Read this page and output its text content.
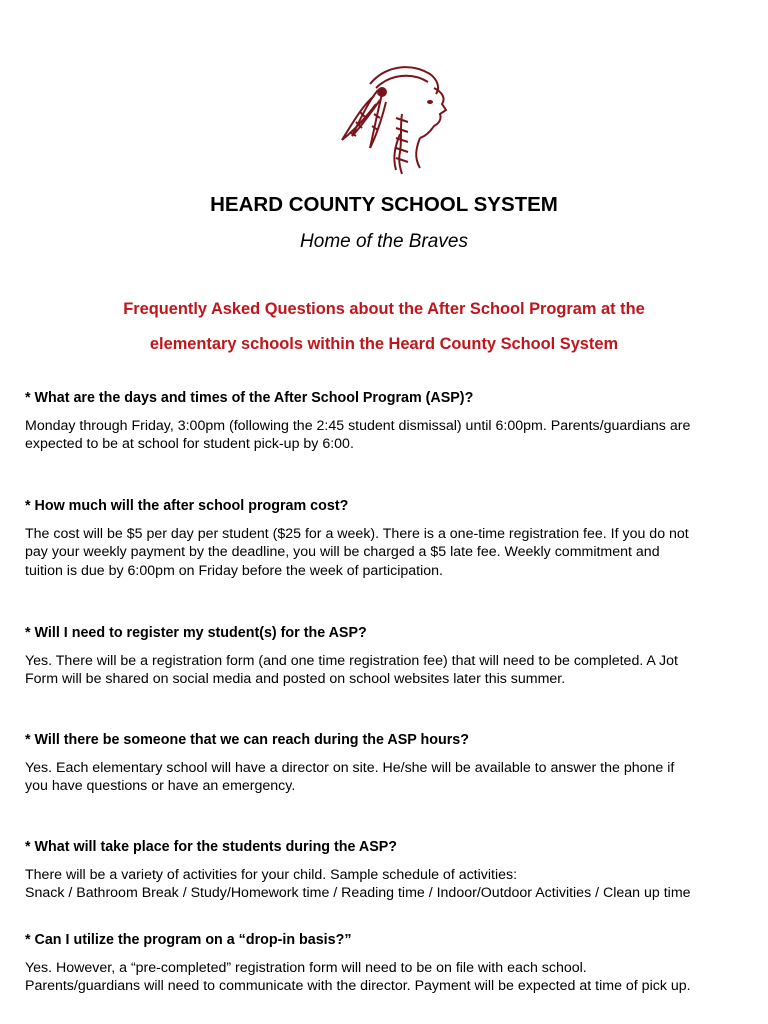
HEARD COUNTY SCHOOL SYSTEM

Home of the Braves

Frequently Asked Questions about the After School Program at the
elementary schools within the Heard County School System

* What are the days and times of the After School Program (ASP)?

Monday through Friday, 3:00pm (following the 2:45 student dismissal) until 6:00pm. Parents/guardians are
expected to be at school for student pick-up by 6:00.

* How much will the after school program cost?

The cost will be $5 per day per student ($25 for a week). There is a one-time registration fee. If you do not
pay your weekly payment by the deadline, you will be charged a $5 late fee. Weekly commitment and
tuition is due by 6:00pm on Friday before the week of participation.

* Will I need to register my student(s) for the ASP?

Yes. There will be a registration form (and one time registration fee) that will need to be completed. A Jot
Form will be shared on social media and posted on school websites later this summer.

* Will there be someone that we can reach during the ASP hours?

Yes. Each elementary school will have a director on site. He/she will be available to answer the phone if
you have questions or have an emergency.

* What will take place for the students during the ASP?

There will be a variety of activities for your child. Sample schedule of activities:
Snack / Bathroom Break / Study/Homework time / Reading time / Indoor/Outdoor Activities / Clean up time

* Can I utilize the program on a “drop-in basis?”

Yes. However, a “pre-completed” registration form will need to be on file with each school.
Parents/guardians will need to communicate with the director. Payment will be expected at time of pick up.
